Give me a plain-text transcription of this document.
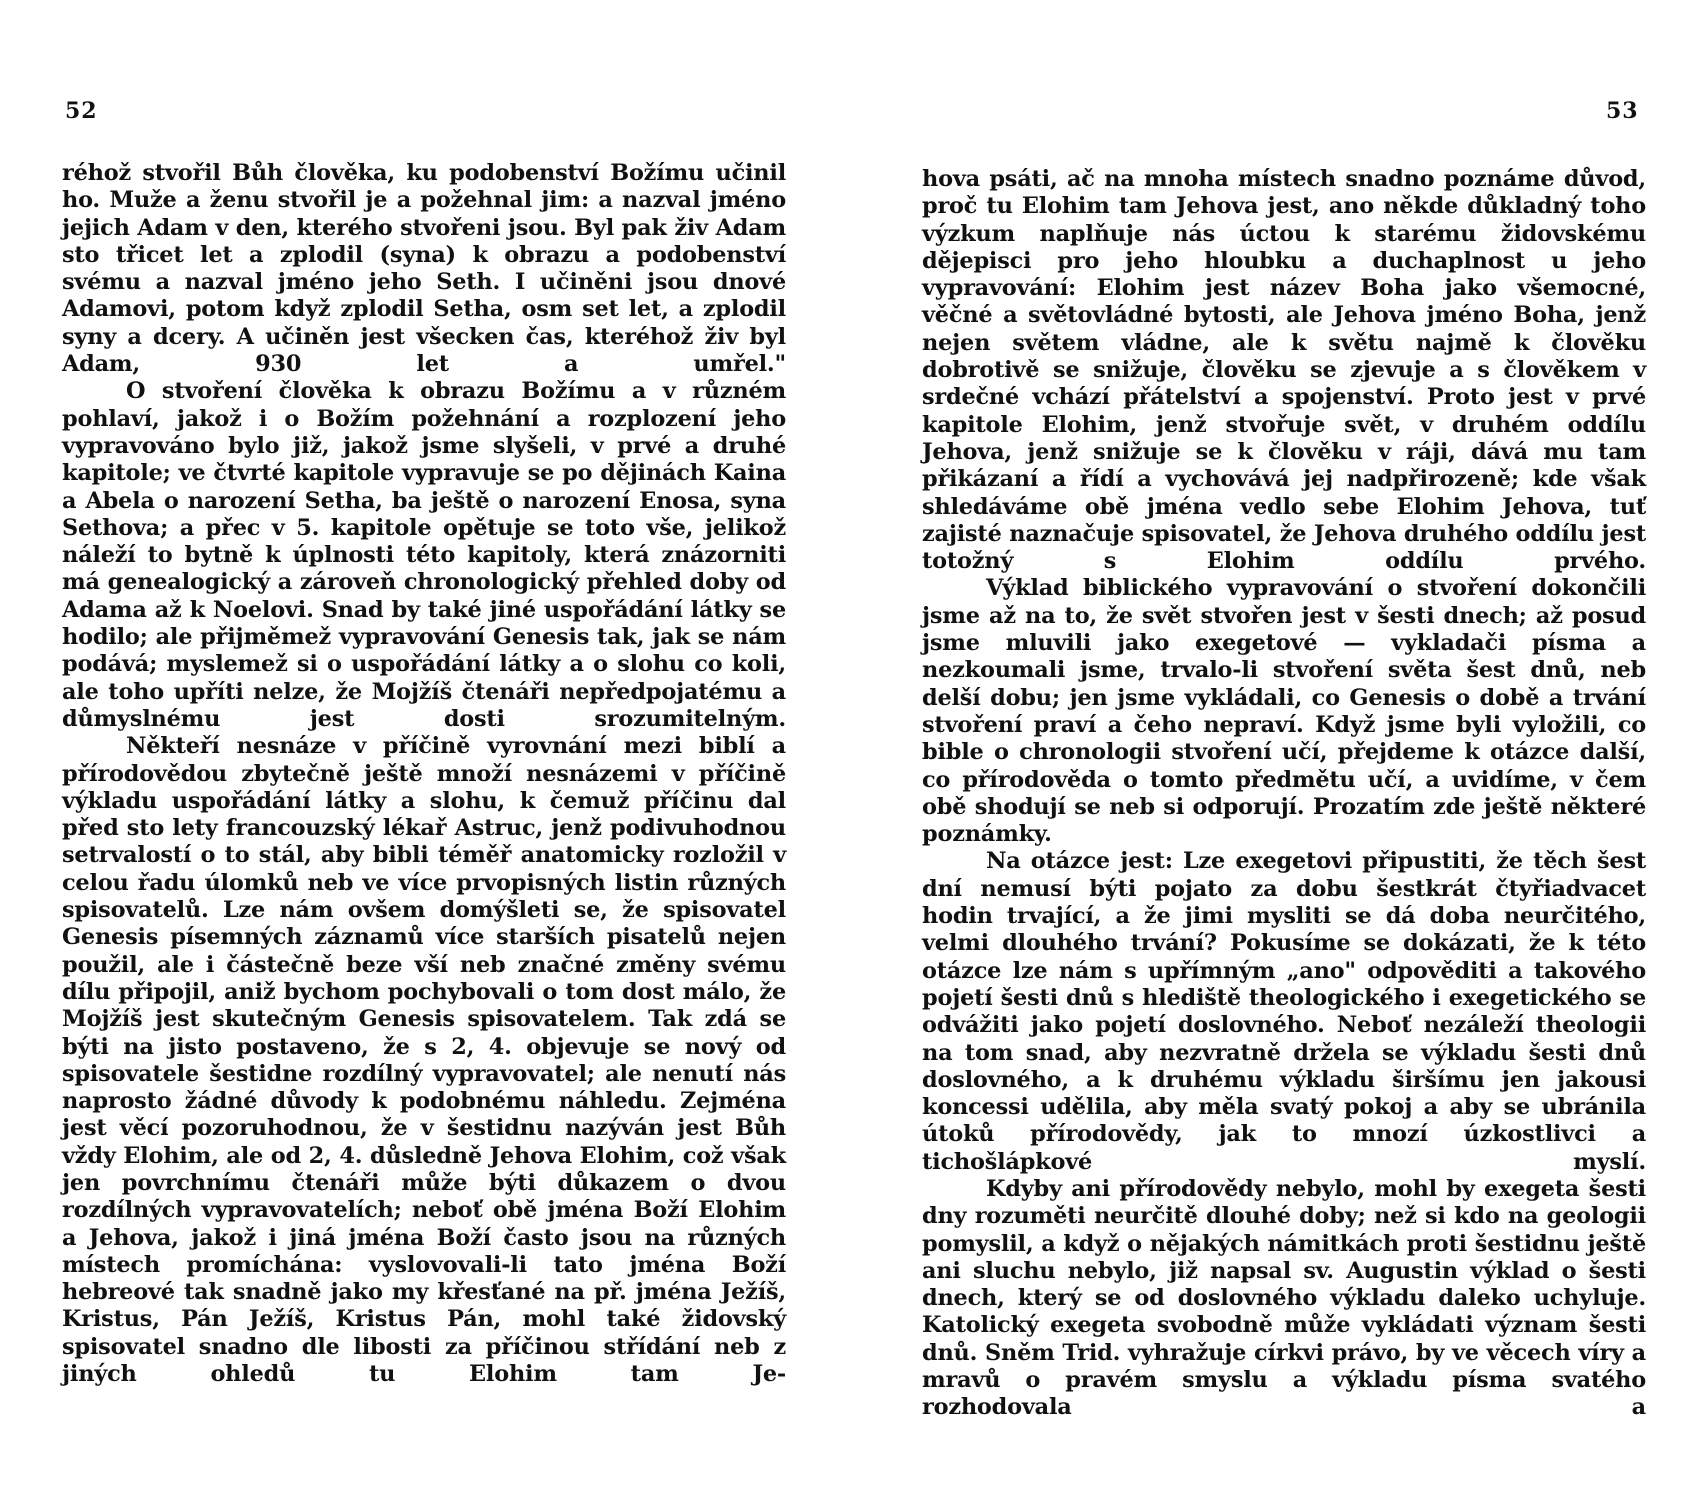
52

réhož stvořil Bůh člověka, ku podobenství Božímu učinil ho. Muže a ženu stvořil je a požehnal jim: a nazval jméno jejich Adam v den, kterého stvořeni jsou. Byl pak živ Adam sto třicet let a zplodil (syna) k obrazu a podobenství svému a nazval jméno jeho Seth. I učiněni jsou dnové Adamovi, potom když zplodil Setha, osm set let, a zplodil syny a dcery. A učiněn jest všecken čas, kteréhož živ byl Adam, 930 let a umřel."

O stvoření člověka k obrazu Božímu a v různém pohlaví, jakož i o Božím požehnání a rozplození jeho vypravováno bylo již, jakož jsme slyšeli, v prvé a druhé kapitole; ve čtvrté kapitole vypravuje se po dějinách Kaina a Abela o narození Setha, ba ještě o narození Enosa, syna Sethova; a přec v 5. kapitole opětuje se toto vše, jelikož náleží to bytně k úplnosti této kapitoly, která znázorniti má genealogický a zároveň chronologický přehled doby od Adama až k Noelovi. Snad by také jiné uspořádání látky se hodilo; ale přijměmež vypravování Genesis tak, jak se nám podává; myslemež si o uspořádání látky a o slohu co koli, ale toho upříti nelze, že Mojžíš čtenáři nepředpojatému a důmyslnému jest dosti srozumitelným.

Někteří nesnáze v příčině vyrovnání mezi biblí a přírodovědou zbytečně ještě množí nesnázemi v příčině výkladu uspořádání látky a slohu, k čemuž příčinu dal před sto lety francouzský lékař Astruc, jenž podivuhodnou setrvalostí o to stál, aby bibli téměř anatomicky rozložil v celou řadu úlomků neb ve více prvopisných listin různých spisovatelů. Lze nám ovšem domýšleti se, že spisovatel Genesis písemných záznamů více starších pisatelů nejen použil, ale i částečně beze vší neb značné změny svému dílu připojil, aniž bychom pochybovali o tom dost málo, že Mojžíš jest skutečným Genesis spisovatelem. Tak zdá se býti na jisto postaveno, že s 2, 4. objevuje se nový od spisovatele šestidne rozdílný vypravovatel; ale nenutí nás naprosto žádné důvody k podobnému náhledu. Zejména jest věcí pozoruhodnou, že v šestidnu nazýván jest Bůh vždy Elohim, ale od 2, 4. důsledně Jehova Elohim, což však jen povrchnímu čtenáři může býti důkazem o dvou rozdílných vypravovatelích; neboť obě jména Boží Elohim a Jehova, jakož i jiná jména Boží často jsou na různých místech promíchána: vyslovovali-li tato jména Boží hebreové tak snadně jako my křesťané na př. jména Ježíš, Kristus, Pán Ježíš, Kristus Pán, mohl také židovský spisovatel snadno dle libosti za příčinou střídání neb z jiných ohledů tu Elohim tam Je-

53

hova psáti, ač na mnoha místech snadno poznáme důvod, proč tu Elohim tam Jehova jest, ano někde důkladný toho výzkum naplňuje nás úctou k starému židovskému dějepisci pro jeho hloubku a duchaplnost u jeho vypravování: Elohim jest název Boha jako všemocné, věčné a světovládné bytosti, ale Jehova jméno Boha, jenž nejen světem vládne, ale k světu najmě k člověku dobrotivě se snižuje, člověku se zjevuje a s člověkem v srdečné vchází přátelství a spojenství. Proto jest v prvé kapitole Elohim, jenž stvořuje svět, v druhém oddílu Jehova, jenž snižuje se k člověku v ráji, dává mu tam přikázaní a řídí a vychovává jej nadpřirozeně; kde však shledáváme obě jména vedlo sebe Elohim Jehova, tuť zajisté naznačuje spisovatel, že Jehova druhého oddílu jest totožný s Elohim oddílu prvého.

Výklad biblického vypravování o stvoření dokončili jsme až na to, že svět stvořen jest v šesti dnech; až posud jsme mluvili jako exegetové — vykladači písma a nezkoumali jsme, trvalo-li stvoření světa šest dnů, neb delší dobu; jen jsme vykládali, co Genesis o době a trvání stvoření praví a čeho nepraví. Když jsme byli vyložili, co bible o chronologii stvoření učí, přejdeme k otázce další, co přírodověda o tomto předmětu učí, a uvidíme, v čem obě shodují se neb si odporují. Prozatím zde ještě některé poznámky.

Na otázce jest: Lze exegetovi připustiti, že těch šest dní nemusí býti pojato za dobu šestkrát čtyřiadvacet hodin trvající, a že jimi mysliti se dá doba neurčitého, velmi dlouhého trvání? Pokusíme se dokázati, že k této otázce lze nám s upřímným „ano" odpověditi a takového pojetí šesti dnů s hlediště theologického i exegetického se odvážiti jako pojetí doslovného. Neboť nezáleží theologii na tom snad, aby nezvratně držela se výkladu šesti dnů doslovného, a k druhému výkladu širšímu jen jakousi koncessi udělila, aby měla svatý pokoj a aby se ubránila útoků přírodovědy, jak to mnozí úzkostlivci a tichošlápkové myslí.

Kdyby ani přírodovědy nebylo, mohl by exegeta šesti dny rozuměti neurčitě dlouhé doby; než si kdo na geologii pomyslil, a když o nějakých námitkách proti šestidnu ještě ani sluchu nebylo, již napsal sv. Augustin výklad o šesti dnech, který se od doslovného výkladu daleko uchyluje. Katolický exegeta svobodně může vykládati význam šesti dnů. Sněm Trid. vyhražuje církvi právo, by ve věcech víry a mravů o pravém smyslu a výkladu písma svatého rozhodovala a
